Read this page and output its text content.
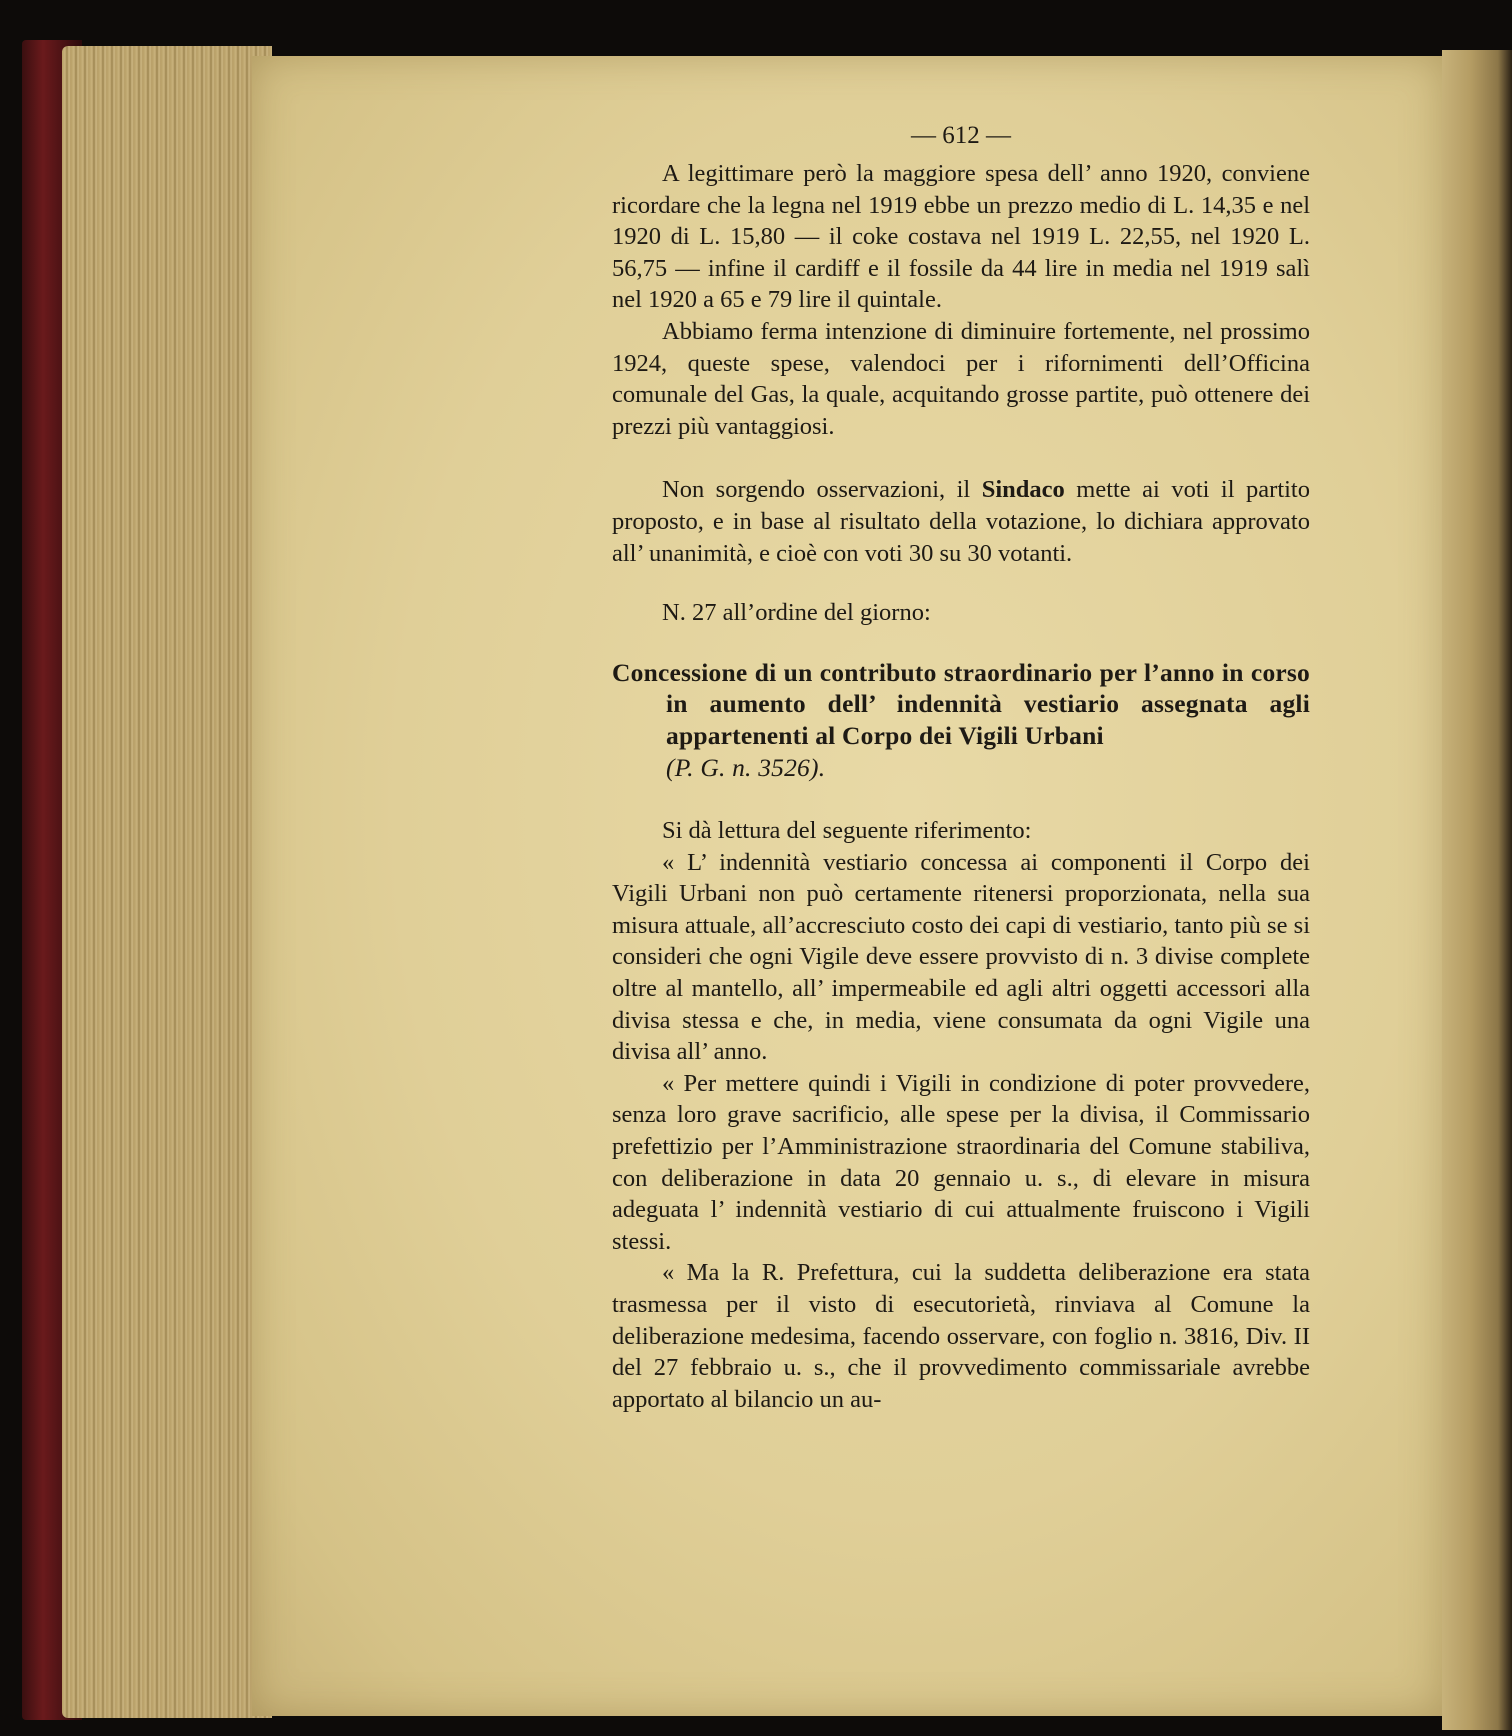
— 612 —

A legittimare però la maggiore spesa dell’ anno 1920, conviene ricordare che la legna nel 1919 ebbe un prezzo medio di L. 14,35 e nel 1920 di L. 15,80 — il coke costava nel 1919 L. 22,55, nel 1920 L. 56,75 — infine il cardiff e il fossile da 44 lire in media nel 1919 salì nel 1920 a 65 e 79 lire il quintale.

Abbiamo ferma intenzione di diminuire fortemente, nel prossimo 1924, queste spese, valendoci per i rifornimenti dell’Officina comunale del Gas, la quale, acquitando grosse partite, può ottenere dei prezzi più vantaggiosi.

Non sorgendo osservazioni, il Sindaco mette ai voti il partito proposto, e in base al risultato della votazione, lo dichiara approvato all’ unanimità, e cioè con voti 30 su 30 votanti.

N. 27 all’ordine del giorno:

Concessione di un contributo straordinario per l’anno in corso in aumento dell’ indennità vestiario assegnata agli appartenenti al Corpo dei Vigili Urbani
(P. G. n. 3526).

Si dà lettura del seguente riferimento:

« L’ indennità vestiario concessa ai componenti il Corpo dei Vigili Urbani non può certamente ritenersi proporzionata, nella sua misura attuale, all’accresciuto costo dei capi di vestiario, tanto più se si consideri che ogni Vigile deve essere provvisto di n. 3 divise complete oltre al mantello, all’ impermeabile ed agli altri oggetti accessori alla divisa stessa e che, in media, viene consumata da ogni Vigile una divisa all’ anno.

« Per mettere quindi i Vigili in condizione di poter provvedere, senza loro grave sacrificio, alle spese per la divisa, il Commissario prefettizio per l’Amministrazione straordinaria del Comune stabiliva, con deliberazione in data 20 gennaio u. s., di elevare in misura adeguata l’ indennità vestiario di cui attualmente fruiscono i Vigili stessi.

« Ma la R. Prefettura, cui la suddetta deliberazione era stata trasmessa per il visto di esecutorietà, rinviava al Comune la deliberazione medesima, facendo osservare, con foglio n. 3816, Div. II del 27 febbraio u. s., che il provvedimento commissariale avrebbe apportato al bilancio un au-
